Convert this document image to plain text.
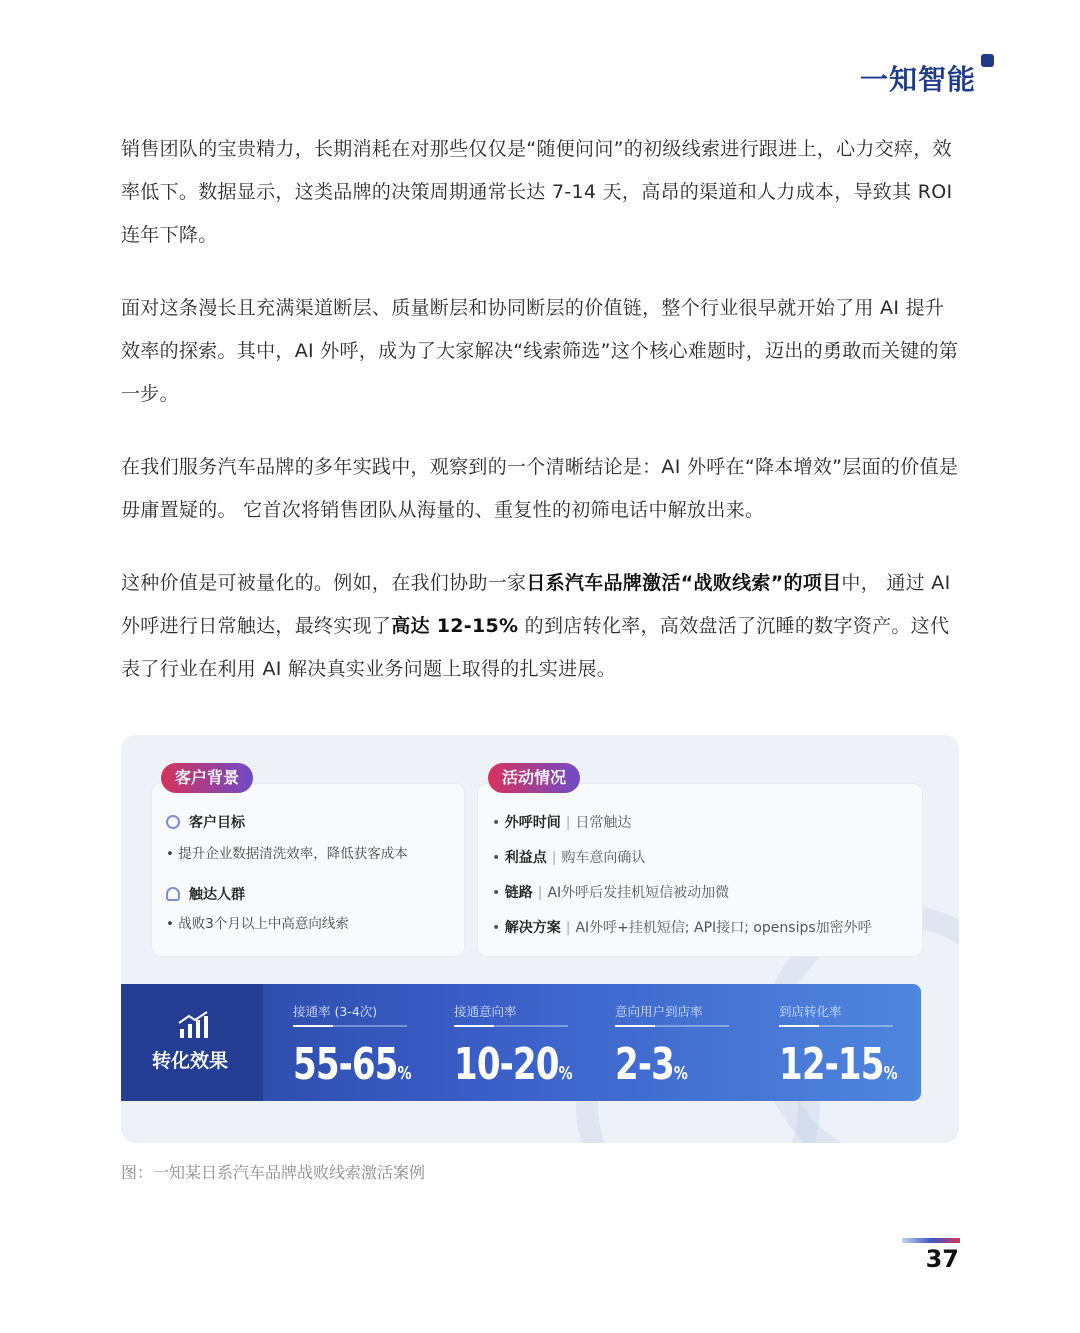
一知智能

销售团队的宝贵精力，长期消耗在对那些仅仅是“随便问问”的初级线索进行跟进上，心力交瘁，效率低下。数据显示，这类品牌的决策周期通常长达 7-14 天，高昂的渠道和人力成本，导致其 ROI 连年下降。

面对这条漫长且充满渠道断层、质量断层和协同断层的价值链，整个行业很早就开始了用 AI 提升效率的探索。其中，AI 外呼，成为了大家解决“线索筛选”这个核心难题时，迈出的勇敢而关键的第一步。

在我们服务汽车品牌的多年实践中，观察到的一个清晰结论是：AI 外呼在“降本增效”层面的价值是毋庸置疑的。 它首次将销售团队从海量的、重复性的初筛电话中解放出来。

这种价值是可被量化的。例如，在我们协助一家日系汽车品牌激活“战败线索”的项目中， 通过 AI 外呼进行日常触达，最终实现了高达 12-15% 的到店转化率，高效盘活了沉睡的数字资产。这代表了行业在利用 AI 解决真实业务问题上取得的扎实进展。

客户目标
• 提升企业数据清洗效率，降低获客成本
触达人群
• 战败3个月以上中高意向线索
• 外呼时间 | 日常触达
• 利益点 | 购车意向确认
• 链路 | AI外呼后发挂机短信被动加微
• 解决方案 | AI外呼+挂机短信; API接口; opensips加密外呼
客户背景	活动情况
转化效果
接通率 (3-4次)
55-65%
接通意向率
10-20%
意向用户到店率
2-3%
到店转化率
12-15%
图：一知某日系汽车品牌战败线索激活案例
37
